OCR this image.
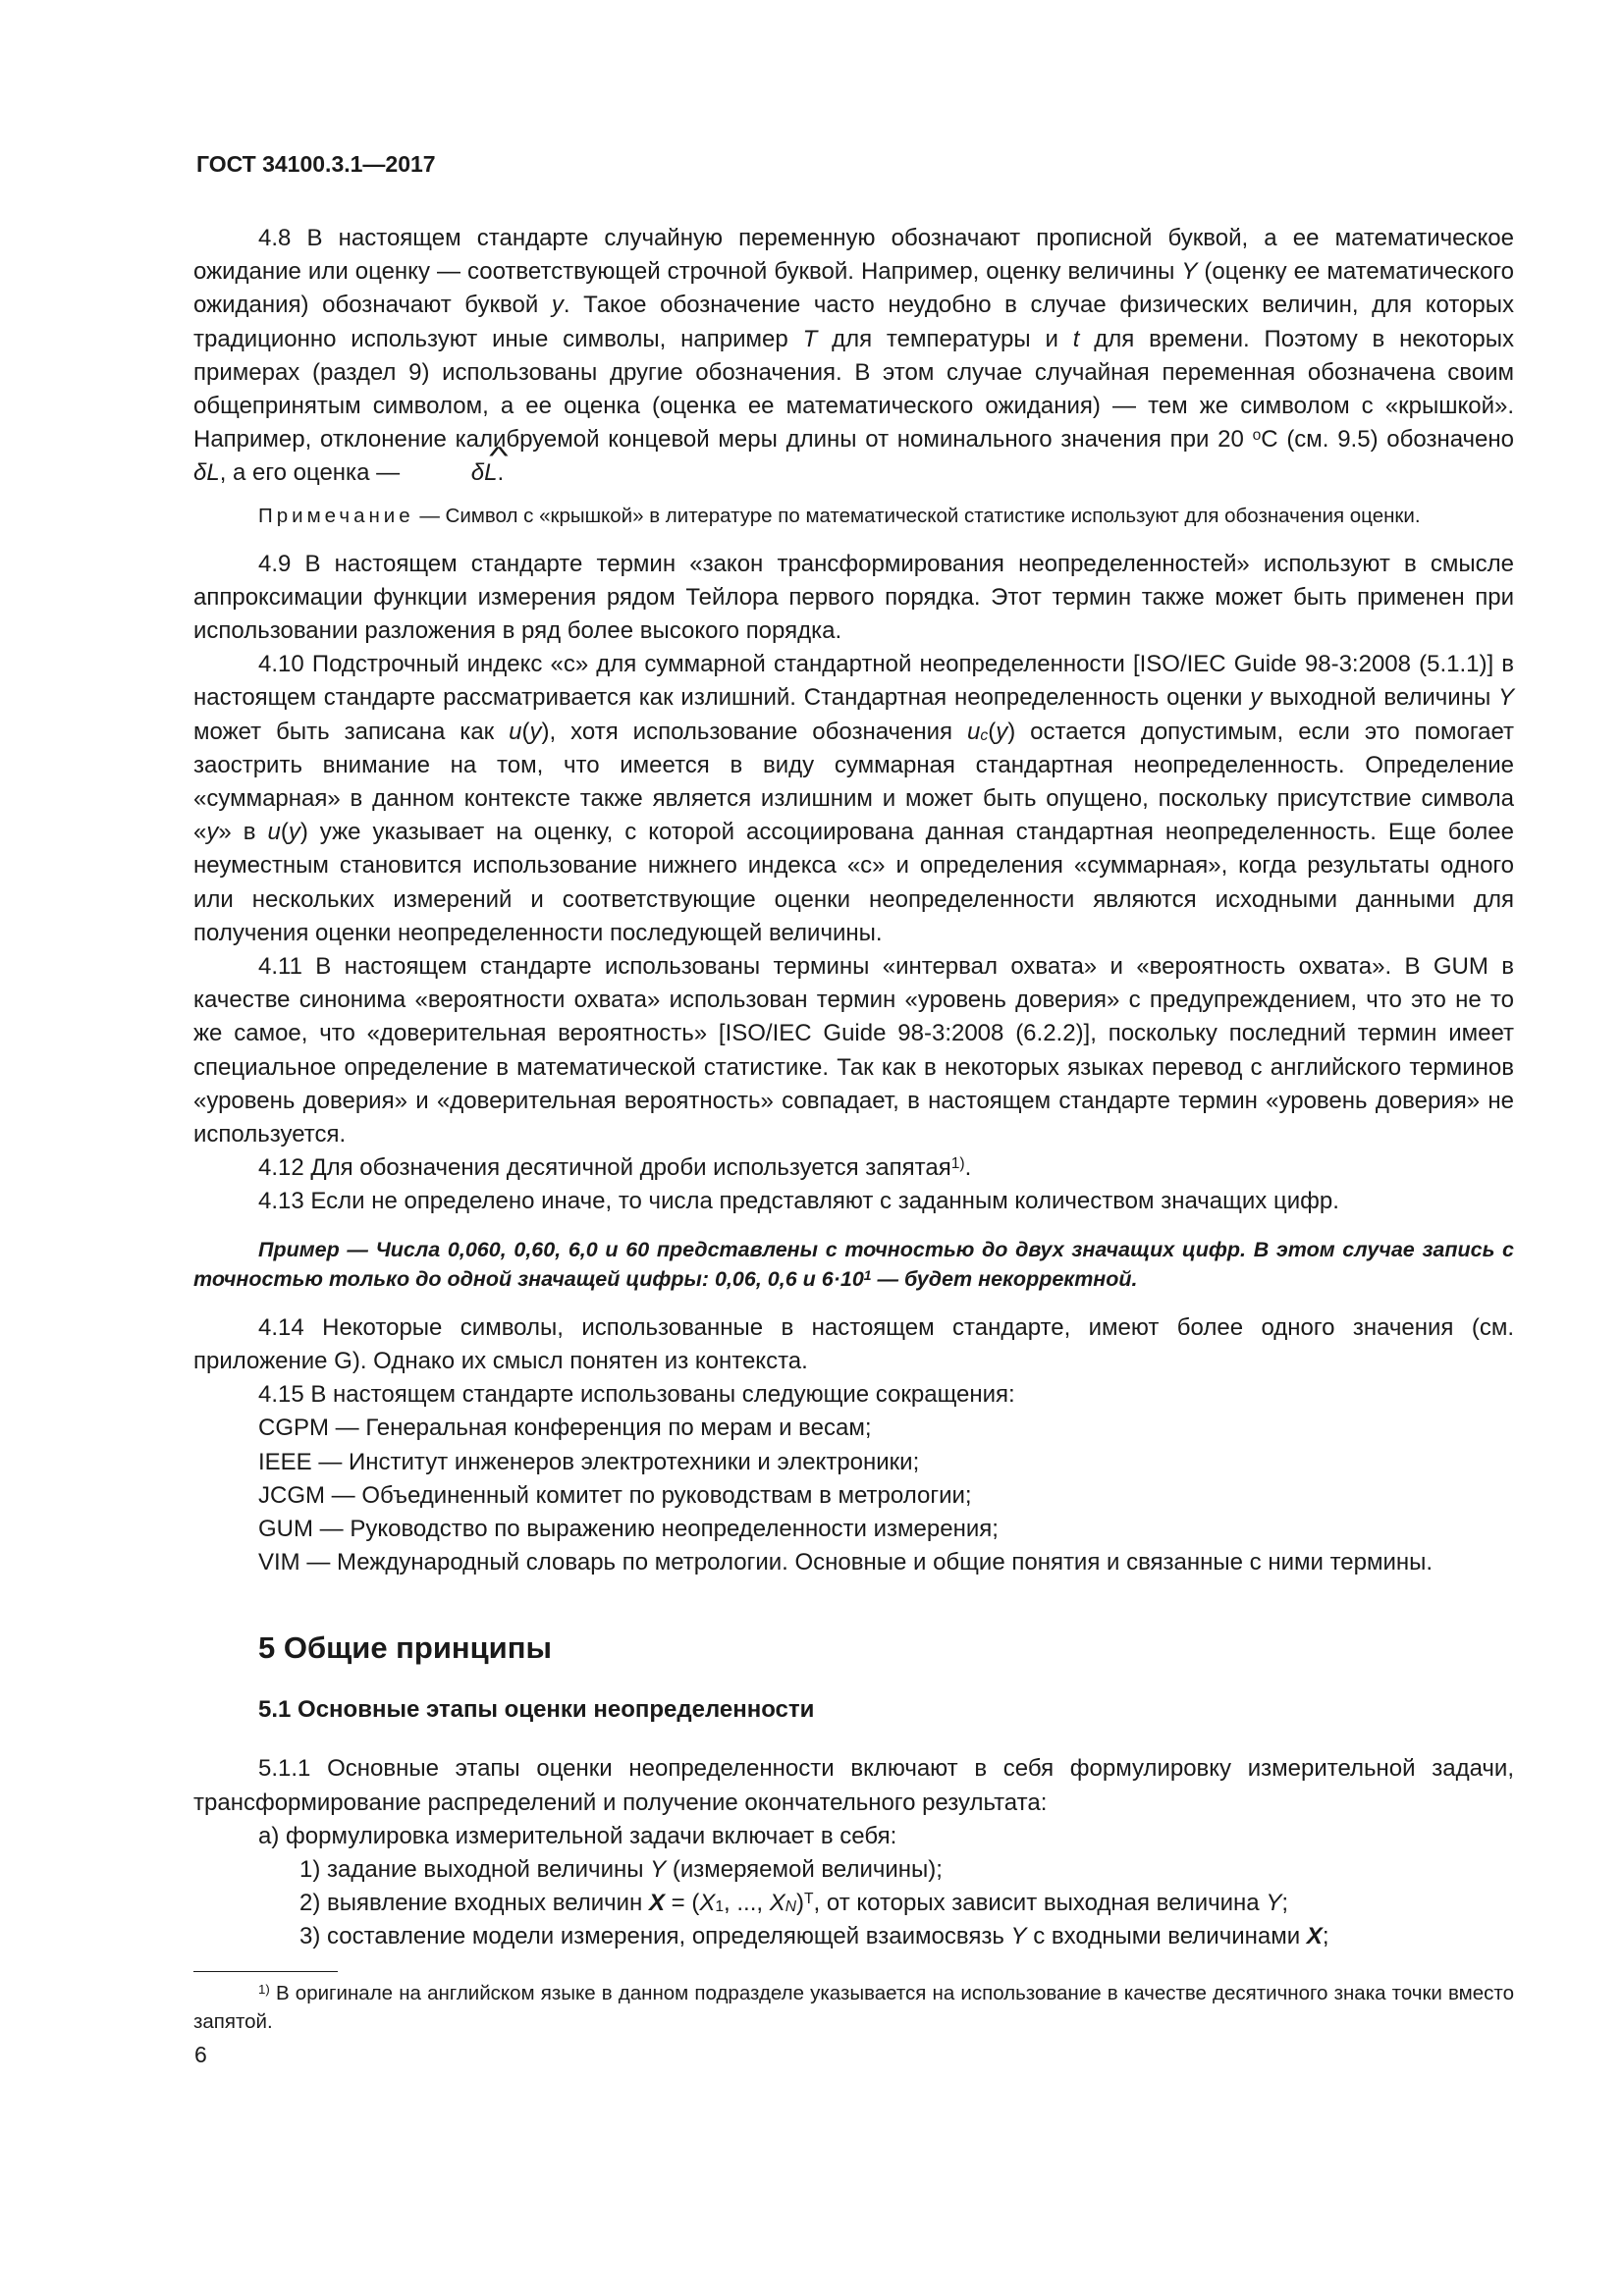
ГОСТ 34100.3.1—2017

4.8 В настоящем стандарте случайную переменную обозначают прописной буквой, а ее математическое ожидание или оценку — соответствующей строчной буквой. Например, оценку величины Y (оценку ее математического ожидания) обозначают буквой y. Такое обозначение часто неудобно в случае физических величин, для которых традиционно используют иные символы, например T для температуры и t для времени. Поэтому в некоторых примерах (раздел 9) использованы другие обозначения. В этом случае случайная переменная обозначена своим общепринятым символом, а ее оценка (оценка ее математического ожидания) — тем же символом с «крышкой». Например, отклонение калибруемой концевой меры длины от номинального значения при 20 $^о$С (см. 9.5) обозначено δL, а его оценка — ^	δL.

Примечание — Символ с «крышкой» в литературе по математической статистике используют для обозначения оценки.

4.9 В настоящем стандарте термин «закон трансформирования неопределенностей» используют в смысле аппроксимации функции измерения рядом Тейлора первого порядка. Этот термин также может быть применен при использовании разложения в ряд более высокого порядка.

4.10 Подстрочный индекс «с» для суммарной стандартной неопределенности [ISO/IEC Guide 98-3:2008 (5.1.1)] в настоящем стандарте рассматривается как излишний. Стандартная неопределенность оценки y выходной величины Y может быть записана как u(y), хотя использование обозначения $u_c(y)$ остается допустимым, если это помогает заострить внимание на том, что имеется в виду суммарная стандартная неопределенность. Определение «суммарная» в данном контексте также является излишним и может быть опущено, поскольку присутствие символа «y» в u(y) уже указывает на оценку, с которой ассоциирована данная стандартная неопределенность. Еще более неуместным становится использование нижнего индекса «с» и определения «суммарная», когда результаты одного или нескольких измерений и соответствующие оценки неопределенности являются исходными данными для получения оценки неопределенности последующей величины.

4.11 В настоящем стандарте использованы термины «интервал охвата» и «вероятность охвата». В GUM в качестве синонима «вероятности охвата» использован термин «уровень доверия» с предупреждением, что это не то же самое, что «доверительная вероятность» [ISO/IEC Guide 98-3:2008 (6.2.2)], поскольку последний термин имеет специальное определение в математической статистике. Так как в некоторых языках перевод с английского терминов «уровень доверия» и «доверительная вероятность» совпадает, в настоящем стандарте термин «уровень доверия» не используется.

4.12 Для обозначения десятичной дроби используется запятая$^{1)}$.

4.13 Если не определено иначе, то числа представляют с заданным количеством значащих цифр.

Пример — Числа 0,060, 0,60, 6,0 и 60 представлены с точностью до двух значащих цифр. В этом случае запись с точностью только до одной значащей цифры: 0,06, 0,6 и $6\cdot 10^1$ — будет некорректной.

4.14 Некоторые символы, использованные в настоящем стандарте, имеют более одного значения (см. приложение G). Однако их смысл понятен из контекста.

4.15 В настоящем стандарте использованы следующие сокращения:

CGPM — Генеральная конференция по мерам и весам;

IEEE — Институт инженеров электротехники и электроники;

JCGM — Объединенный комитет по руководствам в метрологии;

GUM — Руководство по выражению неопределенности измерения;

VIM — Международный словарь по метрологии. Основные и общие понятия и связанные с ними термины.

5 Общие принципы
5.1 Основные этапы оценки неопределенности

5.1.1 Основные этапы оценки неопределенности включают в себя формулировку измерительной задачи, трансформирование распределений и получение окончательного результата:

а) формулировка измерительной задачи включает в себя:

1) задание выходной величины Y (измеряемой величины);

2) выявление входных величин $X = (X_1$, ..., $X_N)^T$, от которых зависит выходная величина Y;

3) составление модели измерения, определяющей взаимосвязь Y с входными величинами X;

$^{1)}$ В оригинале на английском языке в данном подразделе указывается на использование в качестве десятичного знака точки вместо запятой.
6
